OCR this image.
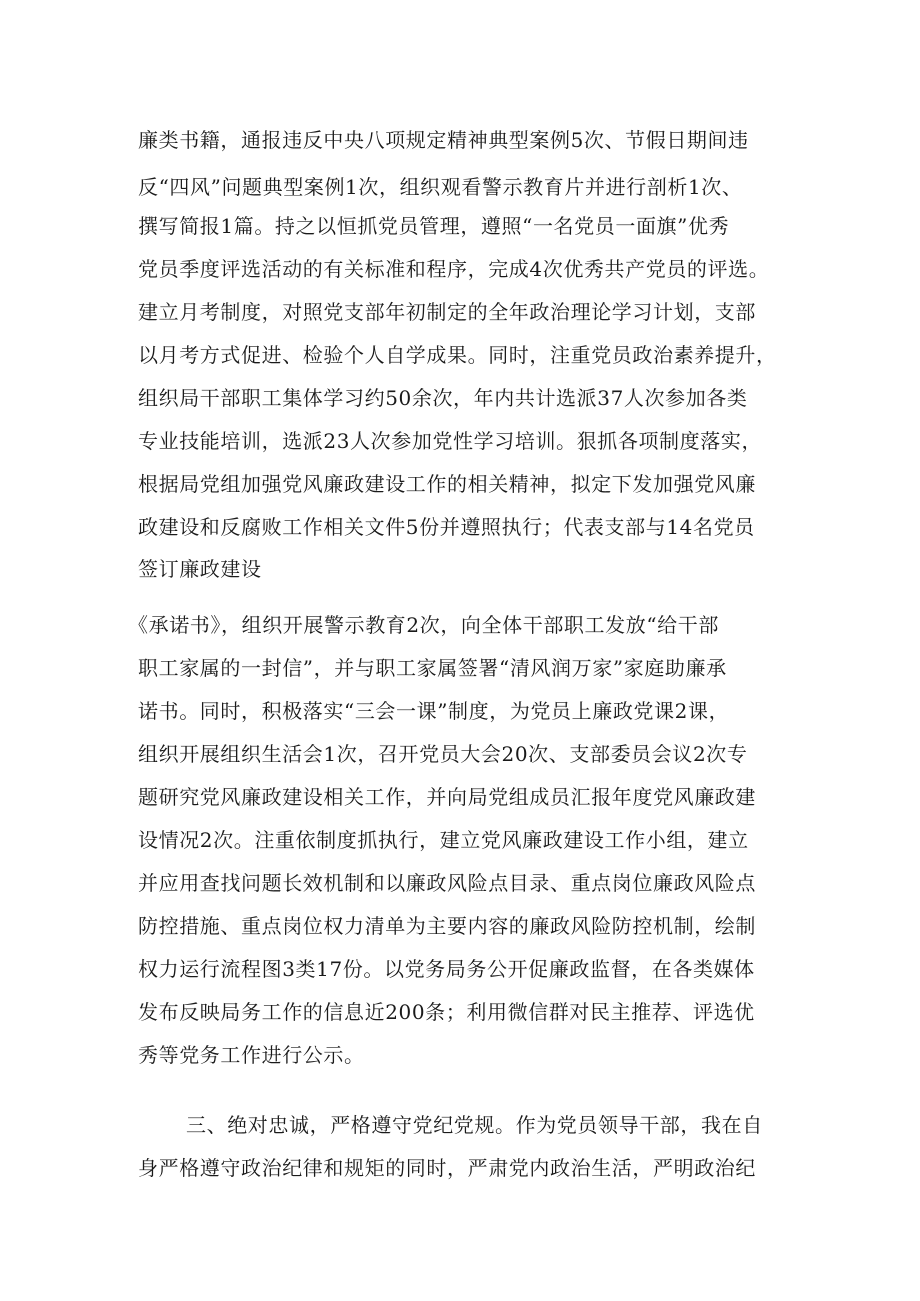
廉类书籍，通报违反中央八项规定精神典型案例5次、节假日期间违
反“四风”问题典型案例1次，组织观看警示教育片并进行剖析1次、
撰写简报1篇。持之以恒抓党员管理，遵照“一名党员一面旗”优秀
党员季度评选活动的有关标准和程序，完成4次优秀共产党员的评选。
建立月考制度，对照党支部年初制定的全年政治理论学习计划，支部
以月考方式促进、检验个人自学成果。同时，注重党员政治素养提升，
组织局干部职工集体学习约50余次，年内共计选派37人次参加各类
专业技能培训，选派23人次参加党性学习培训。狠抓各项制度落实，
根据局党组加强党风廉政建设工作的相关精神，拟定下发加强党风廉
政建设和反腐败工作相关文件5份并遵照执行；代表支部与14名党员
签订廉政建设
《承诺书》，组织开展警示教育2次，向全体干部职工发放“给干部
职工家属的一封信”，并与职工家属签署“清风润万家”家庭助廉承
诺书。同时，积极落实“三会一课”制度，为党员上廉政党课2课，
组织开展组织生活会1次，召开党员大会20次、支部委员会议2次专
题研究党风廉政建设相关工作，并向局党组成员汇报年度党风廉政建
设情况2次。注重依制度抓执行，建立党风廉政建设工作小组，建立
并应用查找问题长效机制和以廉政风险点目录、重点岗位廉政风险点
防控措施、重点岗位权力清单为主要内容的廉政风险防控机制，绘制
权力运行流程图3类17份。以党务局务公开促廉政监督，在各类媒体
发布反映局务工作的信息近200条；利用微信群对民主推荐、评选优
秀等党务工作进行公示。
三、绝对忠诚，严格遵守党纪党规。作为党员领导干部，我在自
身严格遵守政治纪律和规矩的同时，严肃党内政治生活，严明政治纪
